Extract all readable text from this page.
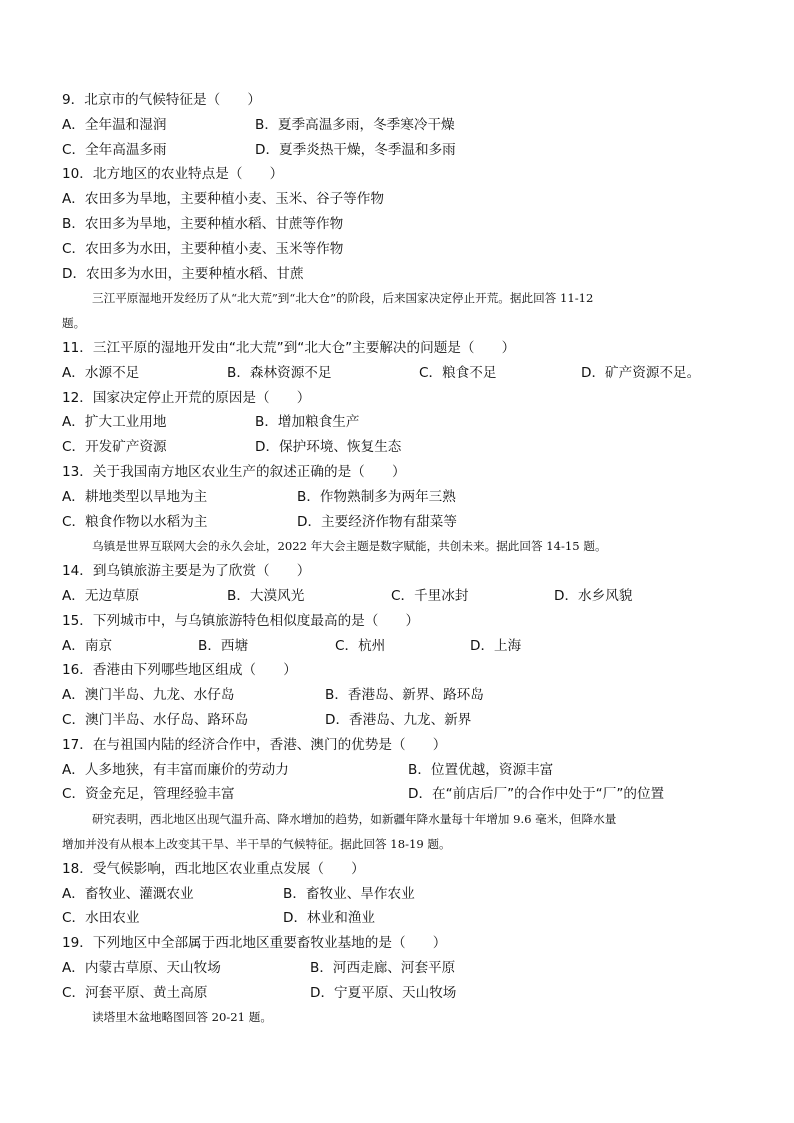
9．北京市的气候特征是（　　）
A．全年温和湿润	B．夏季高温多雨，冬季寒冷干燥
C．全年高温多雨	D．夏季炎热干燥，冬季温和多雨
10．北方地区的农业特点是（　　）
A．农田多为旱地，主要种植小麦、玉米、谷子等作物
B．农田多为旱地，主要种植水稻、甘蔗等作物
C．农田多为水田，主要种植小麦、玉米等作物
D．农田多为水田，主要种植水稻、甘蔗
三江平原湿地开发经历了从“北大荒”到“北大仓”的阶段，后来国家决定停止开荒。据此回答 11-12
题。
11．三江平原的湿地开发由“北大荒”到“北大仓”主要解决的问题是（　　）
A．水源不足	B．森林资源不足	C．粮食不足	D．矿产资源不足。
12．国家决定停止开荒的原因是（　　）
A．扩大工业用地	B．增加粮食生产
C．开发矿产资源	D．保护环境、恢复生态
13．关于我国南方地区农业生产的叙述正确的是（　　）
A．耕地类型以旱地为主	B．作物熟制多为两年三熟
C．粮食作物以水稻为主	D．主要经济作物有甜菜等
乌镇是世界互联网大会的永久会址，2022 年大会主题是数字赋能，共创未来。据此回答 14-15 题。
14．到乌镇旅游主要是为了欣赏（　　）
A．无边草原	B．大漠风光	C．千里冰封	D．水乡风貌
15．下列城市中，与乌镇旅游特色相似度最高的是（　　）
A．南京	B．西塘	C．杭州	D．上海
16．香港由下列哪些地区组成（　　）
A．澳门半岛、九龙、水仔岛	B．香港岛、新界、路环岛
C．澳门半岛、水仔岛、路环岛	D．香港岛、九龙、新界
17．在与祖国内陆的经济合作中，香港、澳门的优势是（　　）
A．人多地狭，有丰富而廉价的劳动力	B．位置优越，资源丰富
C．资金充足，管理经验丰富	D．在“前店后厂”的合作中处于“厂”的位置
研究表明，西北地区出现气温升高、降水增加的趋势，如新疆年降水量每十年增加 9.6 毫米，但降水量
增加并没有从根本上改变其干旱、半干旱的气候特征。据此回答 18-19 题。
18．受气候影响，西北地区农业重点发展（　　）
A．畜牧业、灌溉农业	B．畜牧业、旱作农业
C．水田农业	D．林业和渔业
19．下列地区中全部属于西北地区重要畜牧业基地的是（　　）
A．内蒙古草原、天山牧场	B．河西走廊、河套平原
C．河套平原、黄土高原	D．宁夏平原、天山牧场
读塔里木盆地略图回答 20-21 题。
